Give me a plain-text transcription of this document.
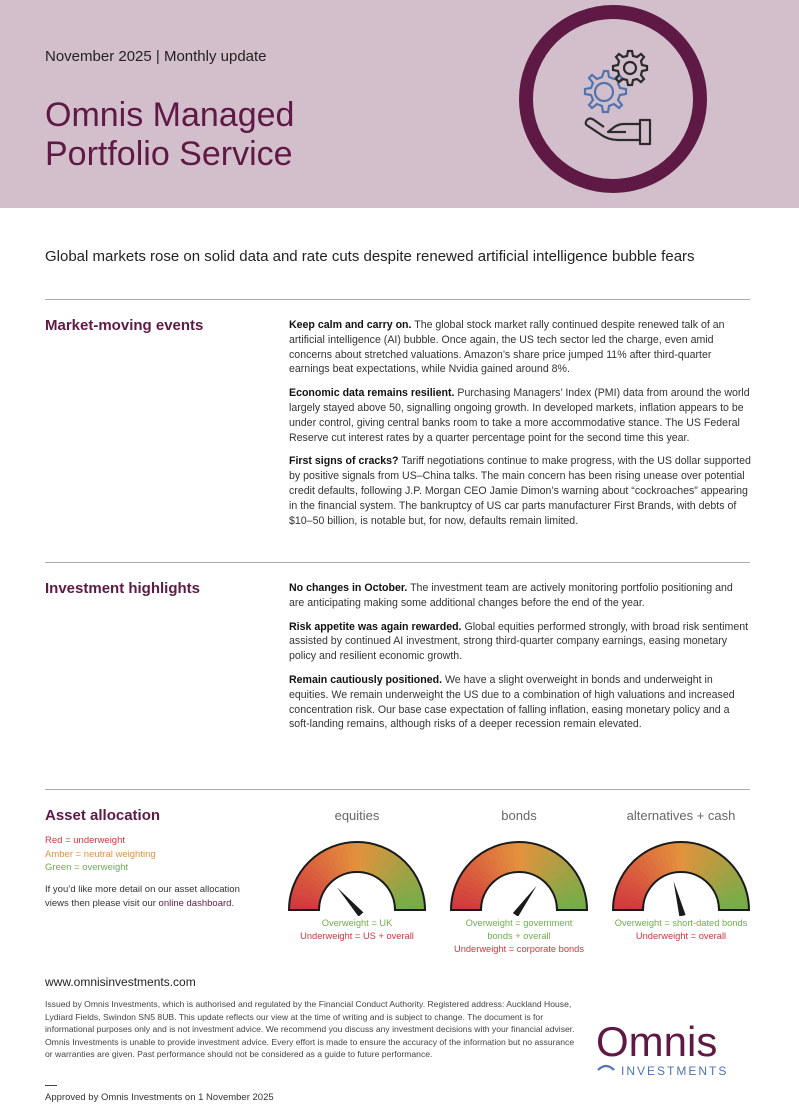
November 2025 | Monthly update
Omnis Managed
Portfolio Service
Global markets rose on solid data and rate cuts despite renewed artificial intelligence bubble fears
Market-moving events	Keep calm and carry on. The global stock market rally continued despite renewed talk of an artificial intelligence (AI) bubble. Once again, the US tech sector led the charge, even amid concerns about stretched valuations. Amazon’s share price jumped 11% after third-quarter earnings beat expectations, while Nvidia gained around 8%.

Economic data remains resilient. Purchasing Managers’ Index (PMI) data from around the world largely stayed above 50, signalling ongoing growth. In developed markets, inflation appears to be under control, giving central banks room to take a more accommodative stance. The US Federal Reserve cut interest rates by a quarter percentage point for the second time this year.

First signs of cracks? Tariff negotiations continue to make progress, with the US dollar supported by positive signals from US–China talks. The main concern has been rising unease over potential credit defaults, following J.P. Morgan CEO Jamie Dimon’s warning about “cockroaches” appearing in the financial system. The bankruptcy of US car parts manufacturer First Brands, with debts of $10–50 billion, is notable but, for now, defaults remain limited.

Investment highlights	No changes in October. The investment team are actively monitoring portfolio positioning and are anticipating making some additional changes before the end of the year.

Risk appetite was again rewarded. Global equities performed strongly, with broad risk sentiment assisted by continued AI investment, strong third-quarter company earnings, easing monetary policy and resilient economic growth.

Remain cautiously positioned. We have a slight overweight in bonds and underweight in equities. We remain underweight the US due to a combination of high valuations and increased concentration risk. Our base case expectation of falling inflation, easing monetary policy and a soft-landing remains, although risks of a deeper recession remain elevated.

Asset allocation
Red = underweight
Amber = neutral weighting
Green = overweight
If you’d like more detail on our asset allocation views then please visit our online dashboard.
equities
Overweight = UK
Underweight = US + overall
bonds
Overweight = government
bonds + overall
Underweight = corporate bonds
alternatives + cash
Overweight = short-dated bonds
Underweight = overall
www.omnisinvestments.com
Issued by Omnis Investments, which is authorised and regulated by the Financial Conduct Authority. Registered address: Auckland House, Lydiard Fields, Swindon SN5 8UB. This update reflects our view at the time of writing and is subject to change. The document is for informational purposes only and is not investment advice. We recommend you discuss any investment decisions with your financial adviser. Omnis Investments is unable to provide investment advice. Every effort is made to ensure the accuracy of the information but no assurance or warranties are given. Past performance should not be considered as a guide to future performance.
Approved by Omnis Investments on 1 November 2025
Omnis
INVESTMENTS
